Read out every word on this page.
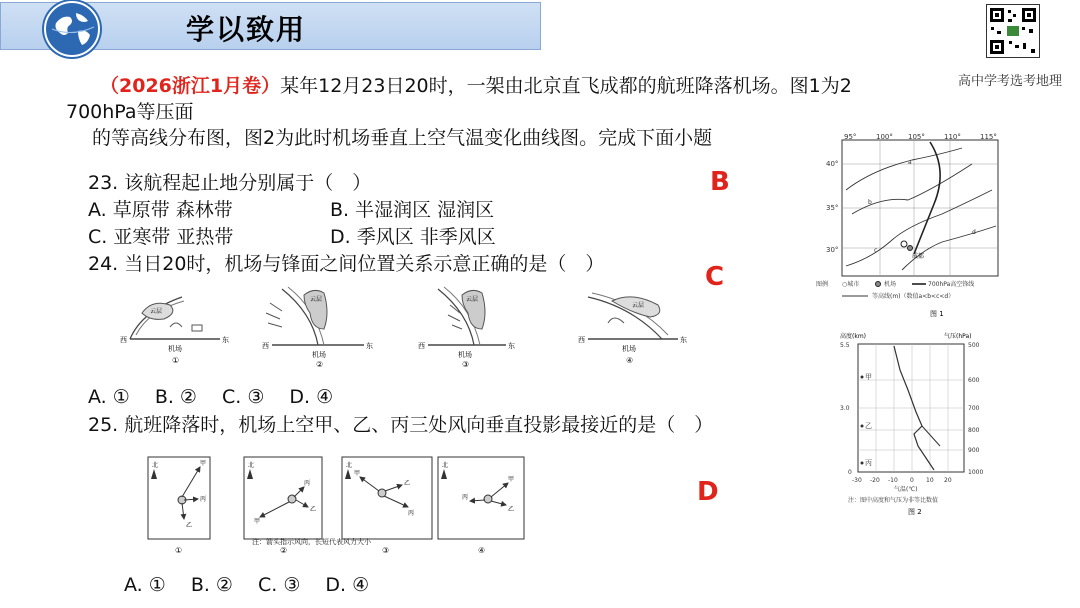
学以致用
高中学考选考地理
（2026浙江1月卷）某年12月23日20时，一架由北京直飞成都的航班降落机场。图1为2
700hPa等压面
的等高线分布图，图2为此时机场垂直上空气温变化曲线图。完成下面小题
23. 该航程起止地分别属于（　）
A. 草原带 森林带	B. 半湿润区 湿润区
C. 亚寒带 亚热带	D. 季风区 非季风区
B
24. 当日20时，机场与锋面之间位置关系示意正确的是（　）	C
云层
西	东
机场
①
云层
西	东
机场
②
云层
西	东
机场
③
云层
西	东
机场
④
A. ①　 B. ②　 C. ③　 D. ④
25. 航班降落时，机场上空甲、乙、丙三处风向垂直投影最接近的是（　）
D
北	甲
丙
乙
①
北
丙
乙
甲
②
北
甲
乙
丙
③
北
甲
乙
丙
④
注：箭头指示风向，长短代表风力大小
A. ①　 B. ②　 C. ③　 D. ④
95°	100° 105°	110°	115°
40°
35°
30°
a
b
c
d
成都
图例 ○城市	机场	700hPa高空锋线
等高线(m)（数值a<b<c<d）
图 1
高度(km)	气压(hPa)
5.5
3.0
0
500
600
700
800
900
1000
甲
乙
丙
-30 -20 -10 0 10 20
气温(℃)
注：图中高度和气压为非等比数值
图 2
